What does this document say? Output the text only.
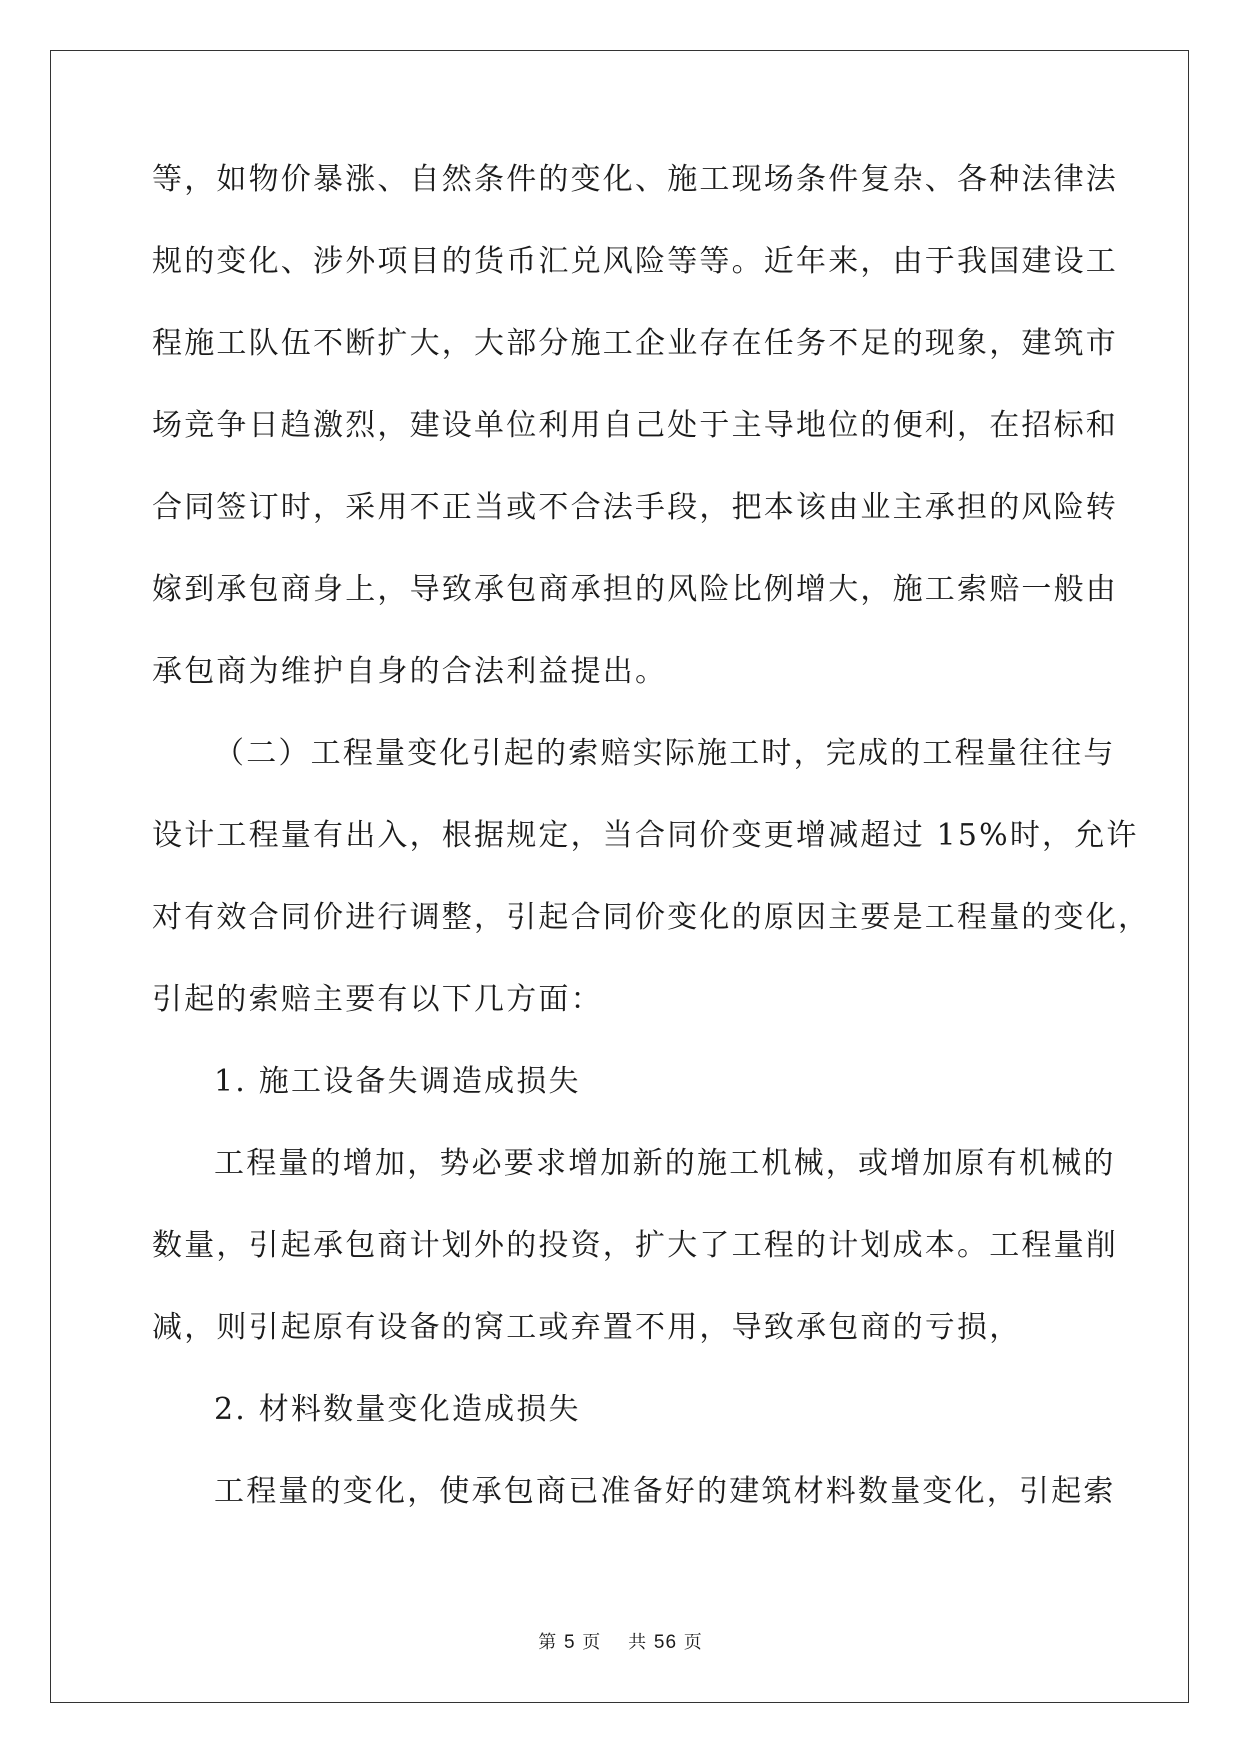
等，如物价暴涨、自然条件的变化、施工现场条件复杂、各种法律法
规的变化、涉外项目的货币汇兑风险等等。近年来，由于我国建设工
程施工队伍不断扩大，大部分施工企业存在任务不足的现象，建筑市
场竞争日趋激烈，建设单位利用自己处于主导地位的便利，在招标和
合同签订时，采用不正当或不合法手段，把本该由业主承担的风险转
嫁到承包商身上，导致承包商承担的风险比例增大，施工索赔一般由
承包商为维护自身的合法利益提出。
（二）工程量变化引起的索赔实际施工时，完成的工程量往往与
设计工程量有出入，根据规定，当合同价变更增减超过 15%时，允许
对有效合同价进行调整，引起合同价变化的原因主要是工程量的变化，
引起的索赔主要有以下几方面：
1. 施工设备失调造成损失
工程量的增加，势必要求增加新的施工机械，或增加原有机械的
数量，引起承包商计划外的投资，扩大了工程的计划成本。工程量削
减，则引起原有设备的窝工或弃置不用，导致承包商的亏损，
2. 材料数量变化造成损失
工程量的变化，使承包商已准备好的建筑材料数量变化，引起索
第 5 页 共 56 页
